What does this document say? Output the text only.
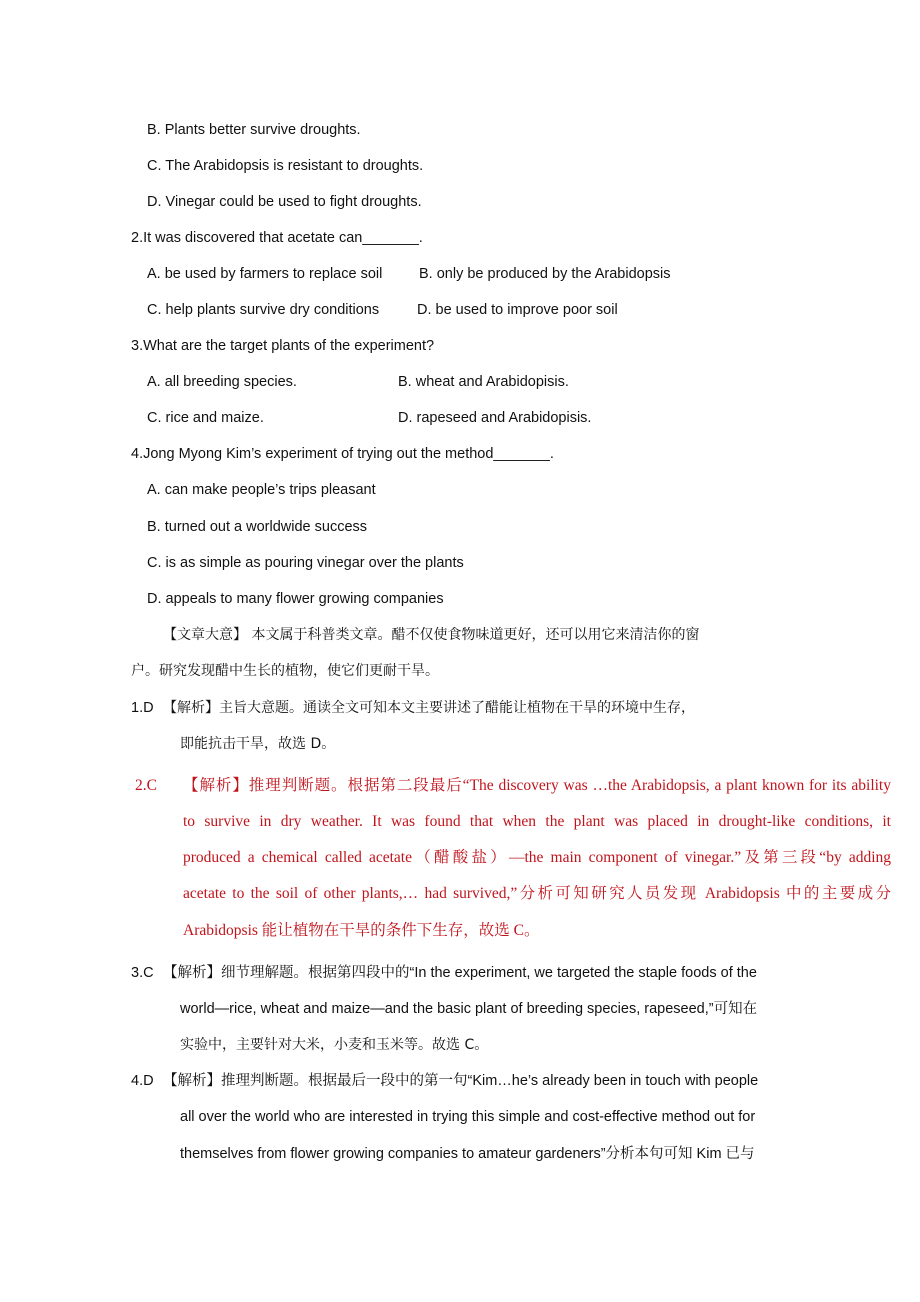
B. Plants better survive droughts.
C. The Arabidopsis is resistant to droughts.
D. Vinegar could be used to fight droughts.
2.It was discovered that acetate can_______.
A. be used by farmers to replace soil	B. only be produced by the Arabidopsis
C. help plants survive dry conditions	D. be used to improve poor soil
3.What are the target plants of the experiment?
A. all breeding species.	B. wheat and Arabidopisis.
C. rice and maize.	D. rapeseed and Arabidopisis.
4.Jong Myong Kim’s experiment of trying out the method_______.
A. can make people’s trips pleasant
B. turned out a worldwide success
C. is as simple as pouring vinegar over the plants
D. appeals to many flower growing companies
【文章大意】 本文属于科普类文章。醋不仅使食物味道更好，还可以用它来清洁你的窗
户。研究发现醋中生长的植物，使它们更耐干旱。
1.D 【解析】主旨大意题。通读全文可知本文主要讲述了醋能让植物在干旱的环境中生存，
即能抗击干旱，故选 D。
2.C 【解析】推理判断题。根据第二段最后“The discovery was …the Arabidopsis, a plant known for its ability
to survive in dry weather. It was found that when the plant was placed in drought-like conditions, it
produced a chemical called acetate（醋酸盐）—the main component of vinegar.”及第三段“by adding
acetate to the soil of other plants,… had survived,”分析可知研究人员发现 Arabidopsis 中的主要成分
Arabidopsis 能让植物在干旱的条件下生存，故选 C。
3.C 【解析】细节理解题。根据第四段中的“In the experiment, we targeted the staple foods of the
world—rice, wheat and maize—and the basic plant of breeding species, rapeseed,”可知在
实验中，主要针对大米，小麦和玉米等。故选 C。
4.D 【解析】推理判断题。根据最后一段中的第一句“Kim…he’s already been in touch with people
all over the world who are interested in trying this simple and cost-effective method out for
themselves from flower growing companies to amateur gardeners”分析本句可知 Kim 已与
